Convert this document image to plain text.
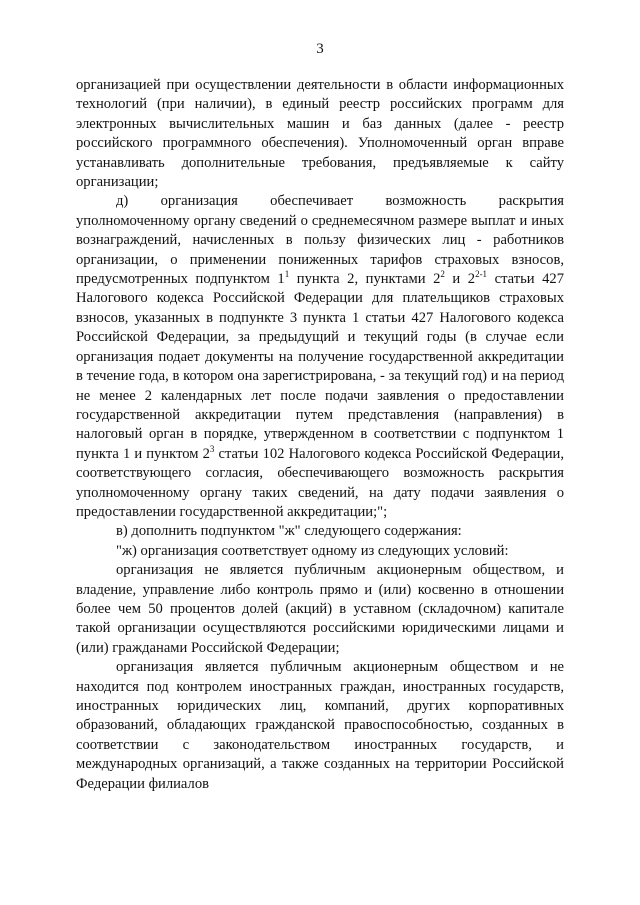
3

организацией при осуществлении деятельности в области информационных технологий (при наличии), в единый реестр российских программ для электронных вычислительных машин и баз данных (далее - реестр российского программного обеспечения). Уполномоченный орган вправе устанавливать дополнительные требования, предъявляемые к сайту организации;

д) организация обеспечивает возможность раскрытия уполномоченному органу сведений о среднемесячном размере выплат и иных вознаграждений, начисленных в пользу физических лиц - работников организации, о применении пониженных тарифов страховых взносов, предусмотренных подпунктом $1^1$ пункта 2, пунктами $2^2$ и 2$^{2-1}$ статьи 427 Налогового кодекса Российской Федерации для плательщиков страховых взносов, указанных в подпункте 3 пункта 1 статьи 427 Налогового кодекса Российской Федерации, за предыдущий и текущий годы (в случае если организация подает документы на получение государственной аккредитации в течение года, в котором она зарегистрирована, - за текущий год) и на период не менее 2 календарных лет после подачи заявления о предоставлении государственной аккредитации путем представления (направления) в налоговый орган в порядке, утвержденном в соответствии с подпунктом 1 пункта 1 и пунктом $2^3$ статьи 102 Налогового кодекса Российской Федерации, соответствующего согласия, обеспечивающего возможность раскрытия уполномоченному органу таких сведений, на дату подачи заявления о предоставлении государственной аккредитации;";

в) дополнить подпунктом "ж" следующего содержания:

"ж) организация соответствует одному из следующих условий:

организация не является публичным акционерным обществом, и владение, управление либо контроль прямо и (или) косвенно в отношении более чем 50 процентов долей (акций) в уставном (складочном) капитале такой организации осуществляются российскими юридическими лицами и (или) гражданами Российской Федерации;

организация является публичным акционерным обществом и не находится под контролем иностранных граждан, иностранных государств, иностранных юридических лиц, компаний, других корпоративных образований, обладающих гражданской правоспособностью, созданных в соответствии с законодательством иностранных государств, и международных организаций, а также созданных на территории Российской Федерации филиалов
